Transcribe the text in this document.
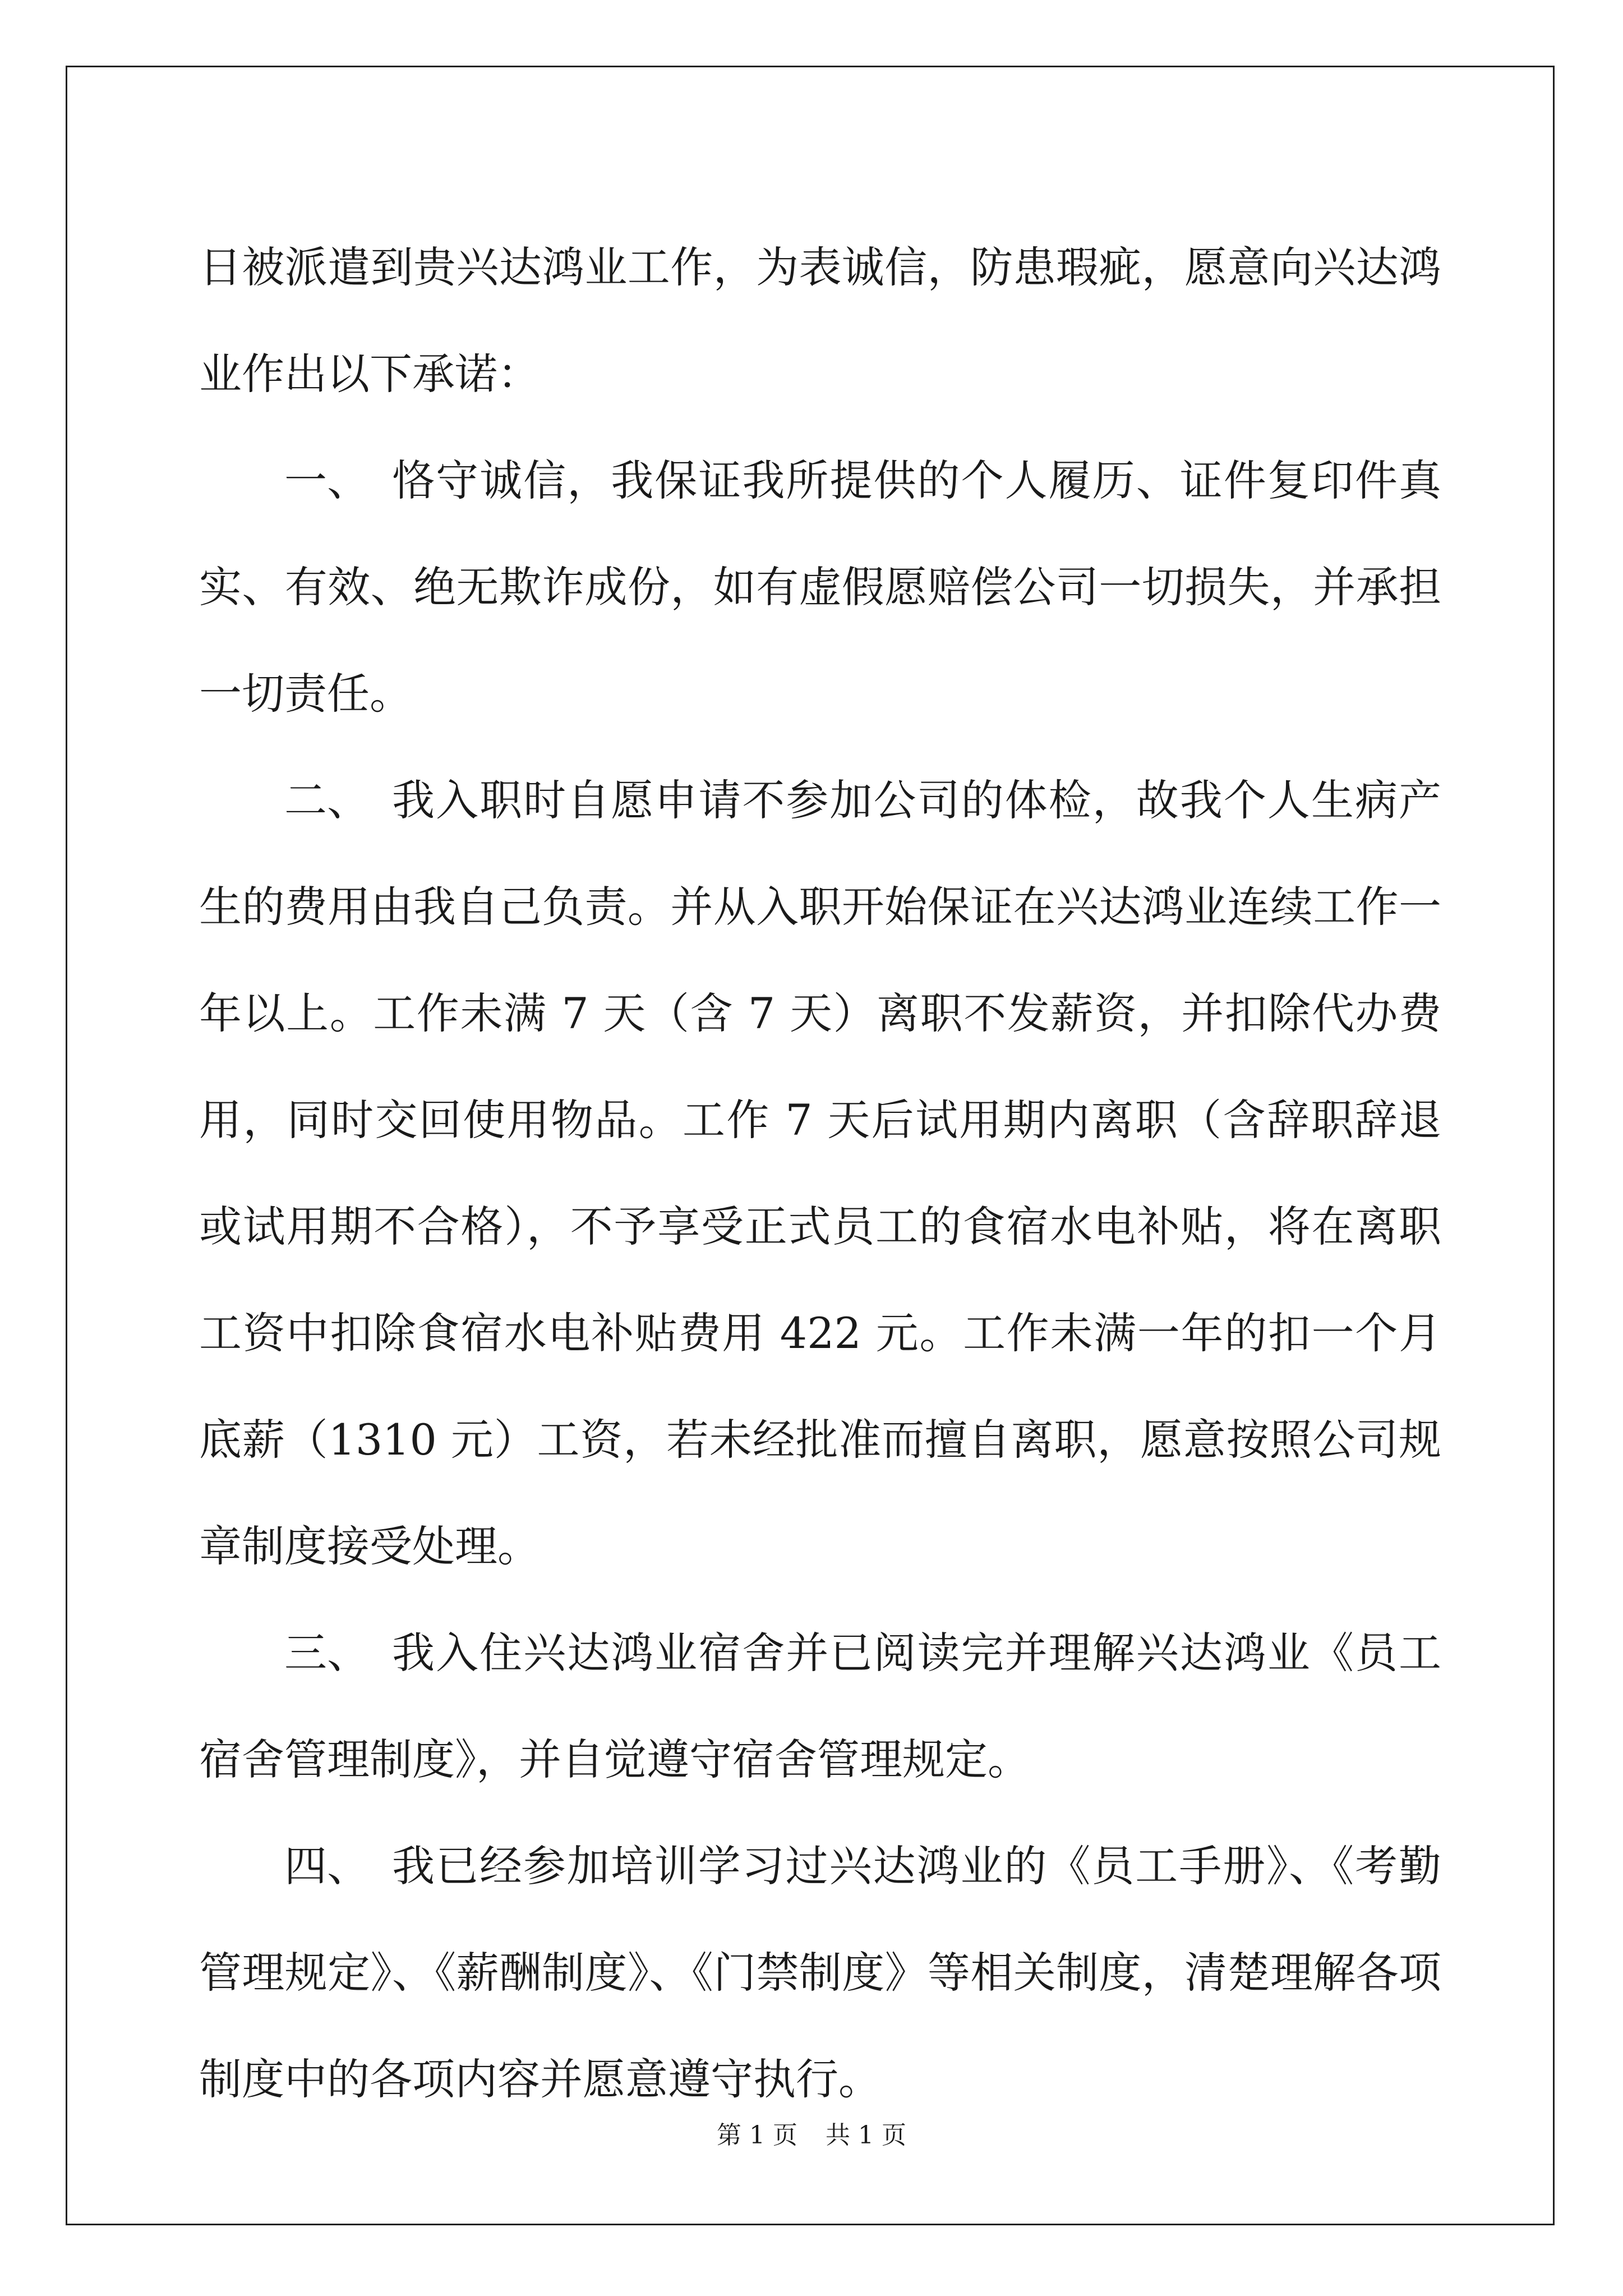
日被派遣到贵兴达鸿业工作，为表诚信，防患瑕疵，愿意向兴达鸿业作出以下承诺：

一、 恪守诚信，我保证我所提供的个人履历、证件复印件真实、有效、绝无欺诈成份，如有虚假愿赔偿公司一切损失，并承担一切责任。

二、 我入职时自愿申请不参加公司的体检，故我个人生病产生的费用由我自己负责。并从入职开始保证在兴达鸿业连续工作一年以上。工作未满 7 天（含 7 天）离职不发薪资，并扣除代办费用，同时交回使用物品。工作 7 天后试用期内离职（含辞职辞退或试用期不合格），不予享受正式员工的食宿水电补贴，将在离职工资中扣除食宿水电补贴费用 422 元。工作未满一年的扣一个月底薪（1310 元）工资，若未经批准而擅自离职，愿意按照公司规章制度接受处理。

三、 我入住兴达鸿业宿舍并已阅读完并理解兴达鸿业《员工宿舍管理制度》，并自觉遵守宿舍管理规定。

四、 我已经参加培训学习过兴达鸿业的《员工手册》、《考勤管理规定》、《薪酬制度》、《门禁制度》等相关制度，清楚理解各项制度中的各项内容并愿意遵守执行。

第 1 页 共 1 页
